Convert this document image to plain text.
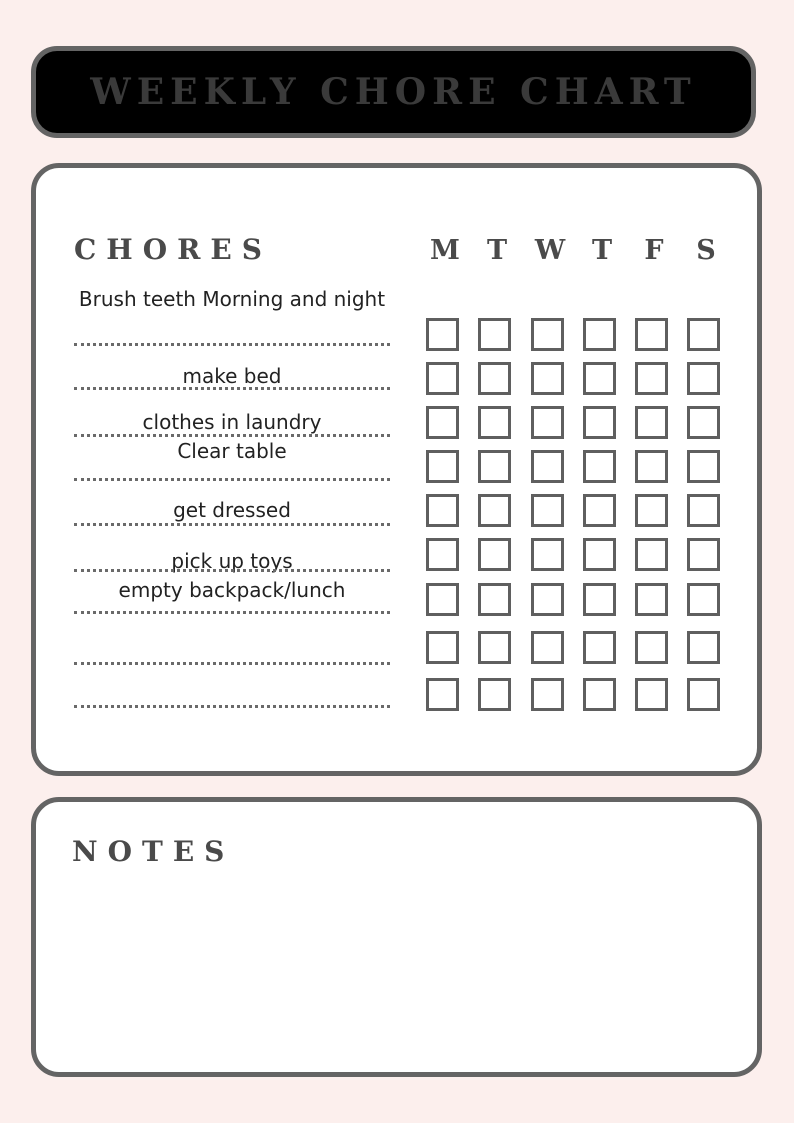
WEEKLY CHORE CHART
CHORES	M T W T F S
Brush teeth Morning and night
make bed
clothes in laundry
Clear table
get dressed
pick up toys
empty backpack/lunch
NOTES
